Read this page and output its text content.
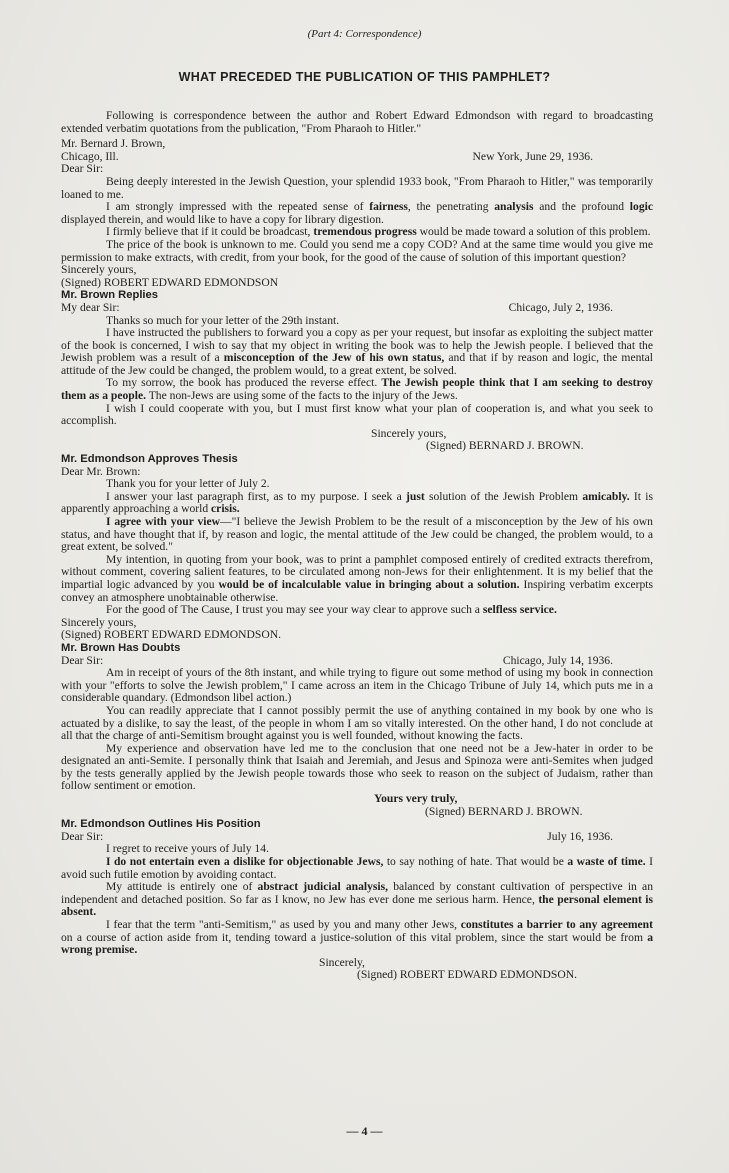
(Part 4: Correspondence)
WHAT PRECEDED THE PUBLICATION OF THIS PAMPHLET?

Following is correspondence between the author and Robert Edward Edmondson with regard to broadcasting extended verbatim quotations from the publication, "From Pharaoh to Hitler."

Mr. Bernard J. Brown,

Chicago, Ill.	New York, June 29, 1936.

Dear Sir:

Being deeply interested in the Jewish Question, your splendid 1933 book, "From Pharaoh to Hitler," was temporarily loaned to me.

I am strongly impressed with the repeated sense of fairness, the penetrating analysis and the profound logic displayed therein, and would like to have a copy for library digestion.

I firmly believe that if it could be broadcast, tremendous progress would be made toward a solution of this problem.

The price of the book is unknown to me. Could you send me a copy COD? And at the same time would you give me permission to make extracts, with credit, from your book, for the good of the cause of solution of this important question?

Sincerely yours,

(Signed) ROBERT EDWARD EDMONDSON

Mr. Brown Replies

My dear Sir:	Chicago, July 2, 1936.

Thanks so much for your letter of the 29th instant.

I have instructed the publishers to forward you a copy as per your request, but insofar as exploiting the subject matter of the book is concerned, I wish to say that my object in writing the book was to help the Jewish people. I believed that the Jewish problem was a result of a misconception of the Jew of his own status, and that if by reason and logic, the mental attitude of the Jew could be changed, the problem would, to a great extent, be solved.

To my sorrow, the book has produced the reverse effect. The Jewish people think that I am seeking to destroy them as a people. The non-Jews are using some of the facts to the injury of the Jews.

I wish I could cooperate with you, but I must first know what your plan of cooperation is, and what you seek to accomplish.

Sincerely yours,

(Signed) BERNARD J. BROWN.

Mr. Edmondson Approves Thesis

Dear Mr. Brown:

Thank you for your letter of July 2.

I answer your last paragraph first, as to my purpose. I seek a just solution of the Jewish Problem amicably. It is apparently approaching a world crisis.

I agree with your view—"I believe the Jewish Problem to be the result of a misconception by the Jew of his own status, and have thought that if, by reason and logic, the mental attitude of the Jew could be changed, the problem would, to a great extent, be solved."

My intention, in quoting from your book, was to print a pamphlet composed entirely of credited extracts therefrom, without comment, covering salient features, to be circulated among non-Jews for their enlightenment. It is my belief that the impartial logic advanced by you would be of incalculable value in bringing about a solution. Inspiring verbatim excerpts convey an atmosphere unobtainable otherwise.

For the good of The Cause, I trust you may see your way clear to approve such a selfless service.

Sincerely yours,

(Signed) ROBERT EDWARD EDMONDSON.

Mr. Brown Has Doubts

Dear Sir:	Chicago, July 14, 1936.

Am in receipt of yours of the 8th instant, and while trying to figure out some method of using my book in connection with your "efforts to solve the Jewish problem," I came across an item in the Chicago Tribune of July 14, which puts me in a considerable quandary. (Edmondson libel action.)

You can readily appreciate that I cannot possibly permit the use of anything contained in my book by one who is actuated by a dislike, to say the least, of the people in whom I am so vitally interested. On the other hand, I do not conclude at all that the charge of anti-Semitism brought against you is well founded, without knowing the facts.

My experience and observation have led me to the conclusion that one need not be a Jew-hater in order to be designated an anti-Semite. I personally think that Isaiah and Jeremiah, and Jesus and Spinoza were anti-Semites when judged by the tests generally applied by the Jewish people towards those who seek to reason on the subject of Judaism, rather than follow sentiment or emotion.

Yours very truly,

(Signed) BERNARD J. BROWN.

Mr. Edmondson Outlines His Position

Dear Sir:	July 16, 1936.

I regret to receive yours of July 14.

I do not entertain even a dislike for objectionable Jews, to say nothing of hate. That would be a waste of time. I avoid such futile emotion by avoiding contact.

My attitude is entirely one of abstract judicial analysis, balanced by constant cultivation of perspective in an independent and detached position. So far as I know, no Jew has ever done me serious harm. Hence, the personal element is absent.

I fear that the term "anti-Semitism," as used by you and many other Jews, constitutes a barrier to any agreement on a course of action aside from it, tending toward a justice-solution of this vital problem, since the start would be from a wrong premise.

Sincerely,

(Signed) ROBERT EDWARD EDMONDSON.

— 4 —
